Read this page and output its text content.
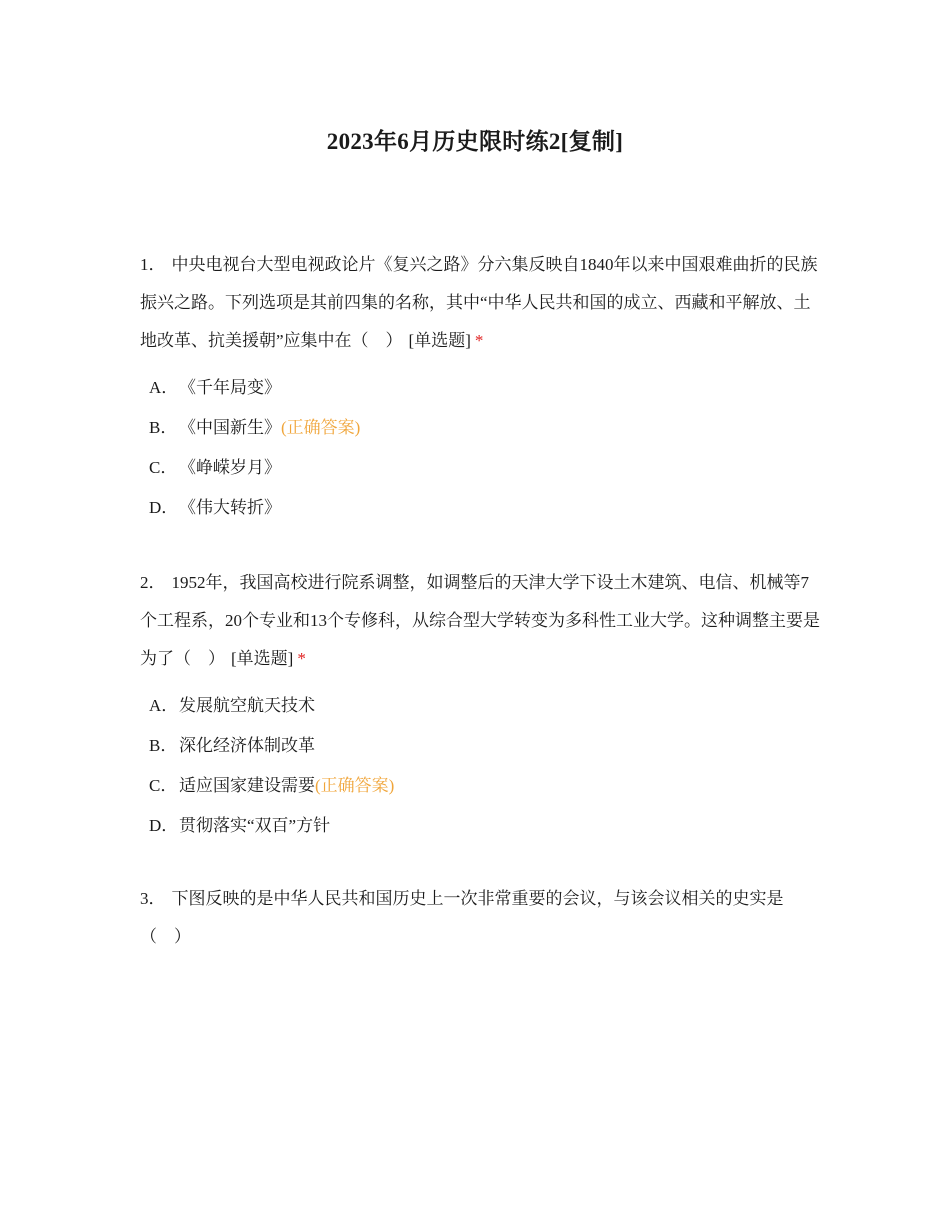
2023年6月历史限时练2[复制]

1． 中央电视台大型电视政论片《复兴之路》分六集反映自1840年以来中国艰难曲折的民族振兴之路。下列选项是其前四集的名称，其中“中华人民共和国的成立、西藏和平解放、土地改革、抗美援朝”应集中在（　） [单选题] *

A．《千年局变》
B．《中国新生》(正确答案)
C．《峥嵘岁月》
D．《伟大转折》

2． 1952年，我国高校进行院系调整，如调整后的天津大学下设土木建筑、电信、机械等7个工程系，20个专业和13个专修科，从综合型大学转变为多科性工业大学。这种调整主要是为了（　） [单选题] *

A．发展航空航天技术
B．深化经济体制改革
C．适应国家建设需要(正确答案)
D．贯彻落实“双百”方针

3． 下图反映的是中华人民共和国历史上一次非常重要的会议，与该会议相关的史实是（　）
